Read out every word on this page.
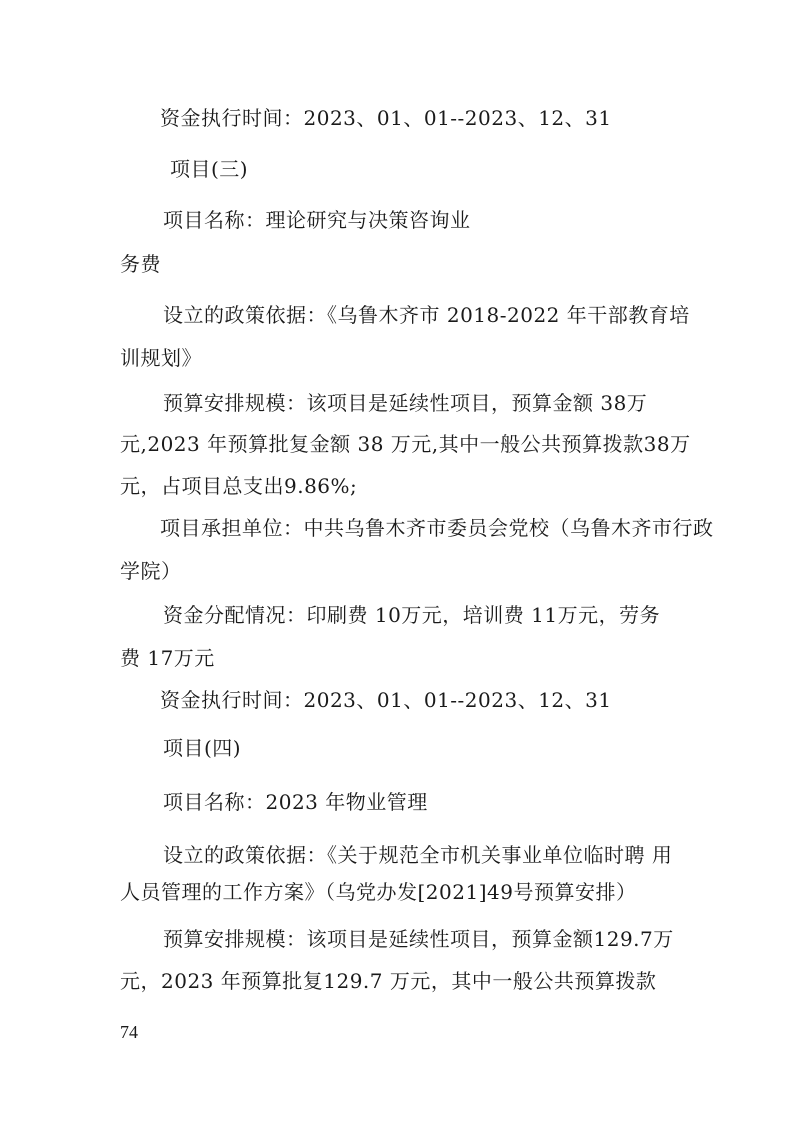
资金执行时间：2023、01、01--2023、12、31
项目(三)
项目名称：理论研究与决策咨询业
务费
设立的政策依据：《乌鲁木齐市 2018-2022 年干部教育培
训规划》
预算安排规模：该项目是延续性项目，预算金额 38万
元,2023 年预算批复金额 38 万元,其中一般公共预算拨款38万
元，占项目总支出9.86%;
项目承担单位：中共乌鲁木齐市委员会党校（乌鲁木齐市行政
学院）
资金分配情况：印刷费 10万元，培训费 11万元，劳务
费 17万元
资金执行时间：2023、01、01--2023、12、31
项目(四)
项目名称：2023 年物业管理
设立的政策依据：《关于规范全市机关事业单位临时聘 用
人员管理的工作方案》（乌党办发[2021]49号预算安排）
预算安排规模：该项目是延续性项目，预算金额129.7万
元，2023 年预算批复129.7 万元，其中一般公共预算拨款
74
